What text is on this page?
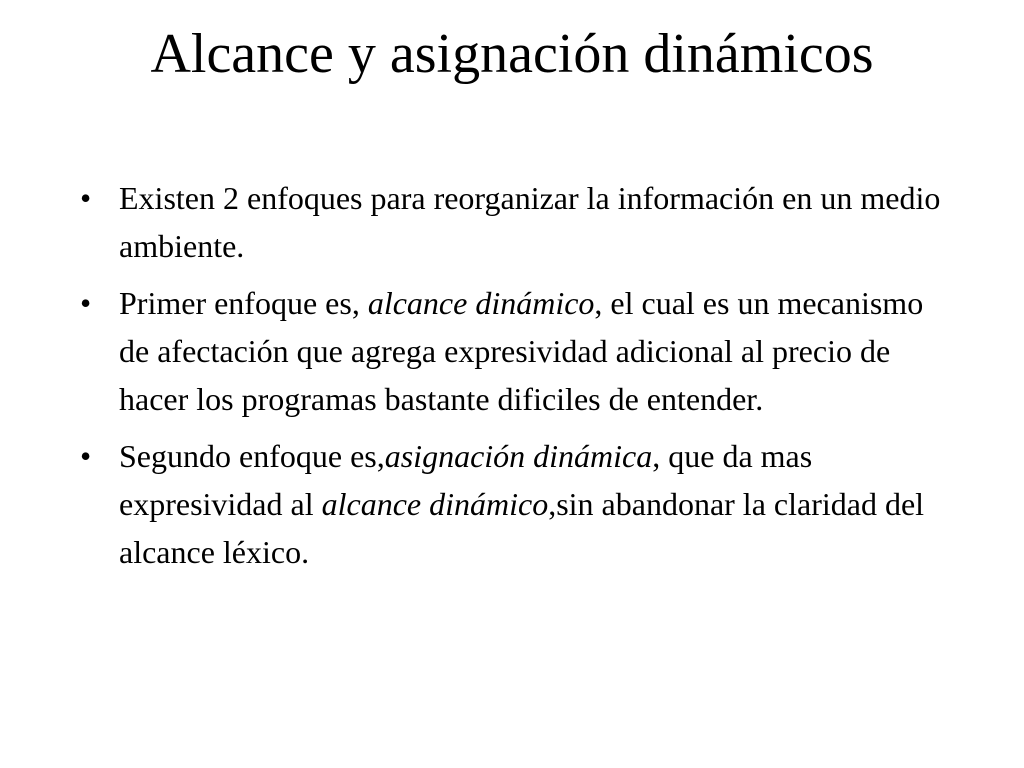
Alcance y asignación dinámicos
• Existen 2 enfoques para reorganizar la información en un medio ambiente.
• Primer enfoque es, alcance dinámico, el cual es un mecanismo de afectación que agrega expresividad adicional al precio de hacer los programas bastante dificiles de entender.
• Segundo enfoque es,asignación dinámica, que da mas expresividad al alcance dinámico,sin abandonar la claridad del alcance léxico.
